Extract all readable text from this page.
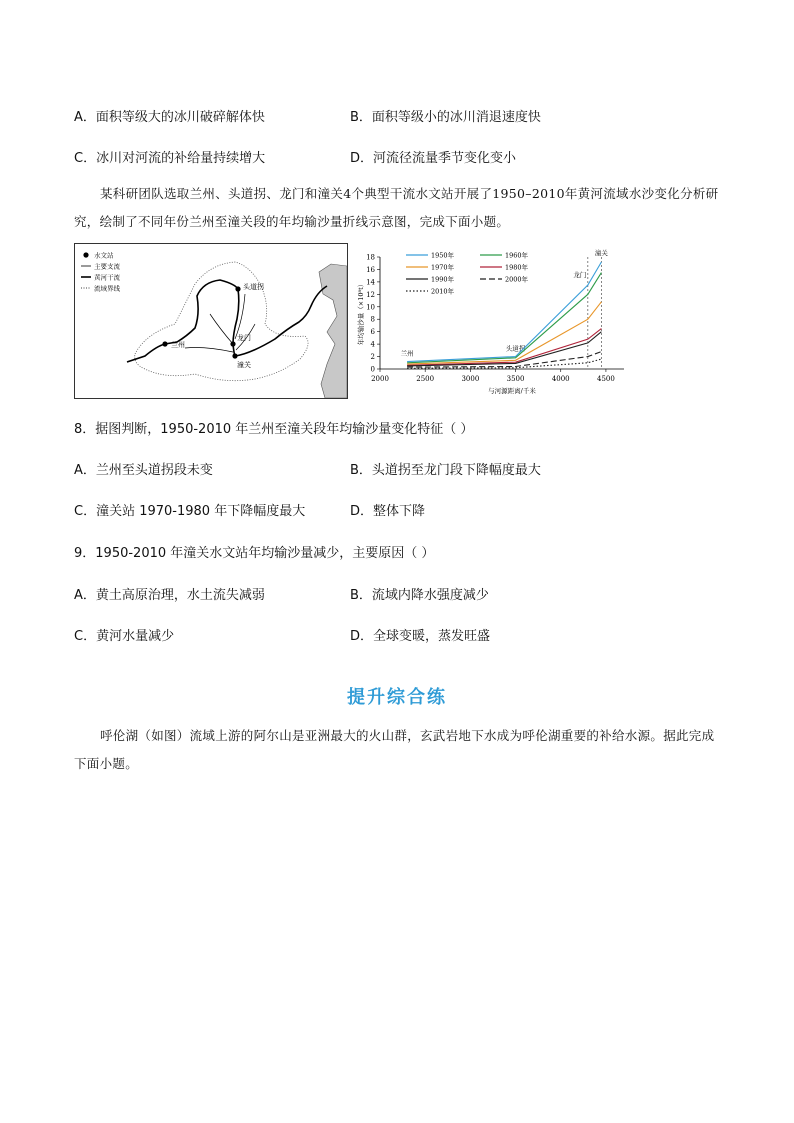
A．面积等级大的冰川破碎解体快	B．面积等级小的冰川消退速度快
C．冰川对河流的补给量持续增大	D．河流径流量季节变化变小

某科研团队选取兰州、头道拐、龙门和潼关4个典型干流水文站开展了1950–2010年黄河流域水沙变化分析研究，绘制了不同年份兰州至潼关段的年均输沙量折线示意图，完成下面小题。

水文站
主要支流
黄河干流
流域界线
兰州
头道拐
龙门
潼关
0
2
4
6
8
10
12
14
16
18
2000	2500	3000	3500	4000	4500
与河源距离/千米
年均输沙量（×10⁸t）
兰州
头道拐
龙门
潼关
1950年	1960年
1970年	1980年
1990年	2000年
2010年
8．据图判断，1950-2010 年兰州至潼关段年均输沙量变化特征（ ）
A．兰州至头道拐段未变	B．头道拐至龙门段下降幅度最大
C．潼关站 1970-1980 年下降幅度最大	D．整体下降
9．1950-2010 年潼关水文站年均输沙量减少，主要原因（ ）
A．黄土高原治理，水土流失减弱	B．流域内降水强度减少
C．黄河水量减少	D．全球变暖，蒸发旺盛
提升综合练

呼伦湖（如图）流域上游的阿尔山是亚洲最大的火山群，玄武岩地下水成为呼伦湖重要的补给水源。据此完成下面小题。
